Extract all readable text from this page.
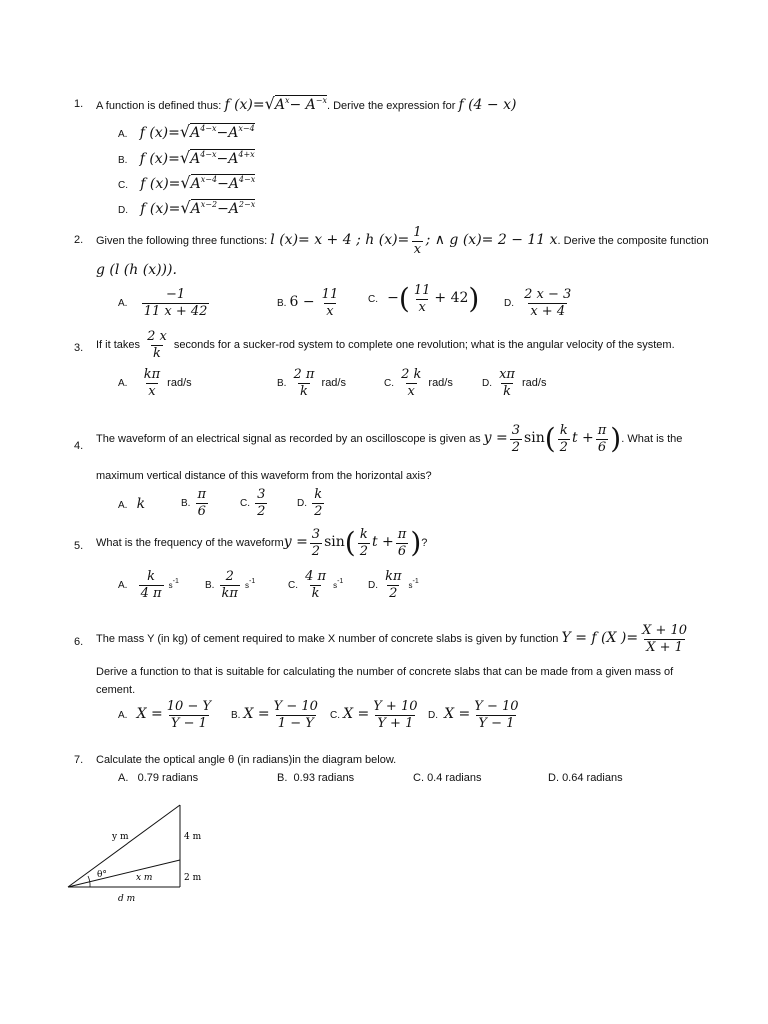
1. A function is defined thus: f $(x)=√A^x- A^{-x}$. Derive the expression for f (4 − x)
A. f $(x)=√A^{4-x}-A^{x-4}$
B. f $(x)=√A^{4-x}-A^{4+x}$
C. f $(x)=√A^{x-4}-A^{4-x}$
D. f $(x)=√A^{x-2}-A^{2-x}$
2. Given the following three functions: l (x)= x + 4 ; h $(x)= \frac{1}{x}$ ; ∧ g (x)= 2 − 11 x. Derive the composite function
g (l (h (x))).
A. $\frac{-1}{11 x + 42}$	B. $6 - \frac{11}{x}$	C. −( $\frac{11}{x} + 42$) D. $\frac{2 x - 3}{x + 4}$
3. If it takes $\frac{2 x}{k}$ seconds for a sucker-rod system to complete one revolution; what is the angular velocity of the system.
A. $\frac{k\pi}{x} rad/s$	B. $\frac{2 \pi}{k} rad/s$	C. $\frac{2 k}{x} rad/s$	D. $\frac{x\pi}{k} rad/s$
4.
The waveform of an electrical signal as recorded by an oscilloscope is given as $y = \frac{3}{2} \sin( \frac{k}{2}$ $t + \frac{\pi}{6}$ ). What is the
maximum vertical distance of this waveform from the horizontal axis?
A. k	B. $\frac{\pi}{6}$	C. $\frac{3}{2}$	D. $\frac{k}{2}$
5. What is the frequency of the waveformy = $\frac{3}{2} \sin( \frac{k}{2}$ $t + \frac{\pi}{6}$ )?
A. $\frac{k}{4 \pi} s-1$	B. $\frac{2}{k\pi} s-1$	C. $\frac{4 \pi}{k} s-1$ D. $\frac{k\pi}{2} s-1$
6. The mass Y (in kg) of cement required to make X number of concrete slabs is given by function Y = f (X )= $\frac{X + 10}{X + 1}$
Derive a function to that is suitable for calculating the number of concrete slabs that can be made from a given mass of
cement.
A. $X = \frac{10 - Y}{Y - 1} B$. $X = \frac{Y - 10}{1 - Y} C$. $X = \frac{Y + 10}{Y + 1} D$. $X = \frac{Y - 10}{Y - 1}$
7. Calculate the optical angle θ (in radians)in the diagram below.
A. 0.79 radians	B. 0.93 radians	C. 0.4 radians	D. 0.64 radians
y m	4 m
θ°	x m	2 m
d m
